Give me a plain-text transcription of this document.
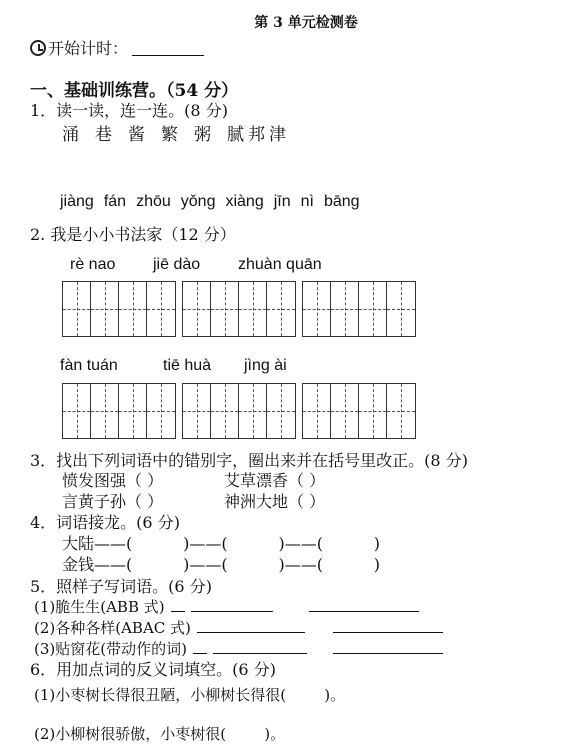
第 3 单元检测卷
开始计时：
一、基础训练营。（54 分）
1．读一读，连一连。(8 分)
涌 巷 酱 繁 粥 腻 邦 津
jiàng fán zhōu yǒng xiàng jīn nì bāng
2. 我是小小书法家（12 分）
rè nao jiē dào zhuàn quān
fàn tuán	tiē huà jìng ài
3．找出下列词语中的错别字，圈出来并在括号里改正。(8 分)
愤发图强（ ）	艾草漂香（ ）
言黄子孙（ ）	神洲大地（ ）
4．词语接龙。(6 分)
大陆——(          )——(          )——(          )
金钱——(          )——(          )——(          )
5．照样子写词语。(6 分)
(1)脆生生(ABB 式)
(2)各种各样(ABAC 式)
(3)贴窗花(带动作的词)
6．用加点词的反义词填空。(6 分)
(1)小枣树长得很丑陋，小柳树长得很(        )。
(2)小柳树很骄傲，小枣树很(        )。
